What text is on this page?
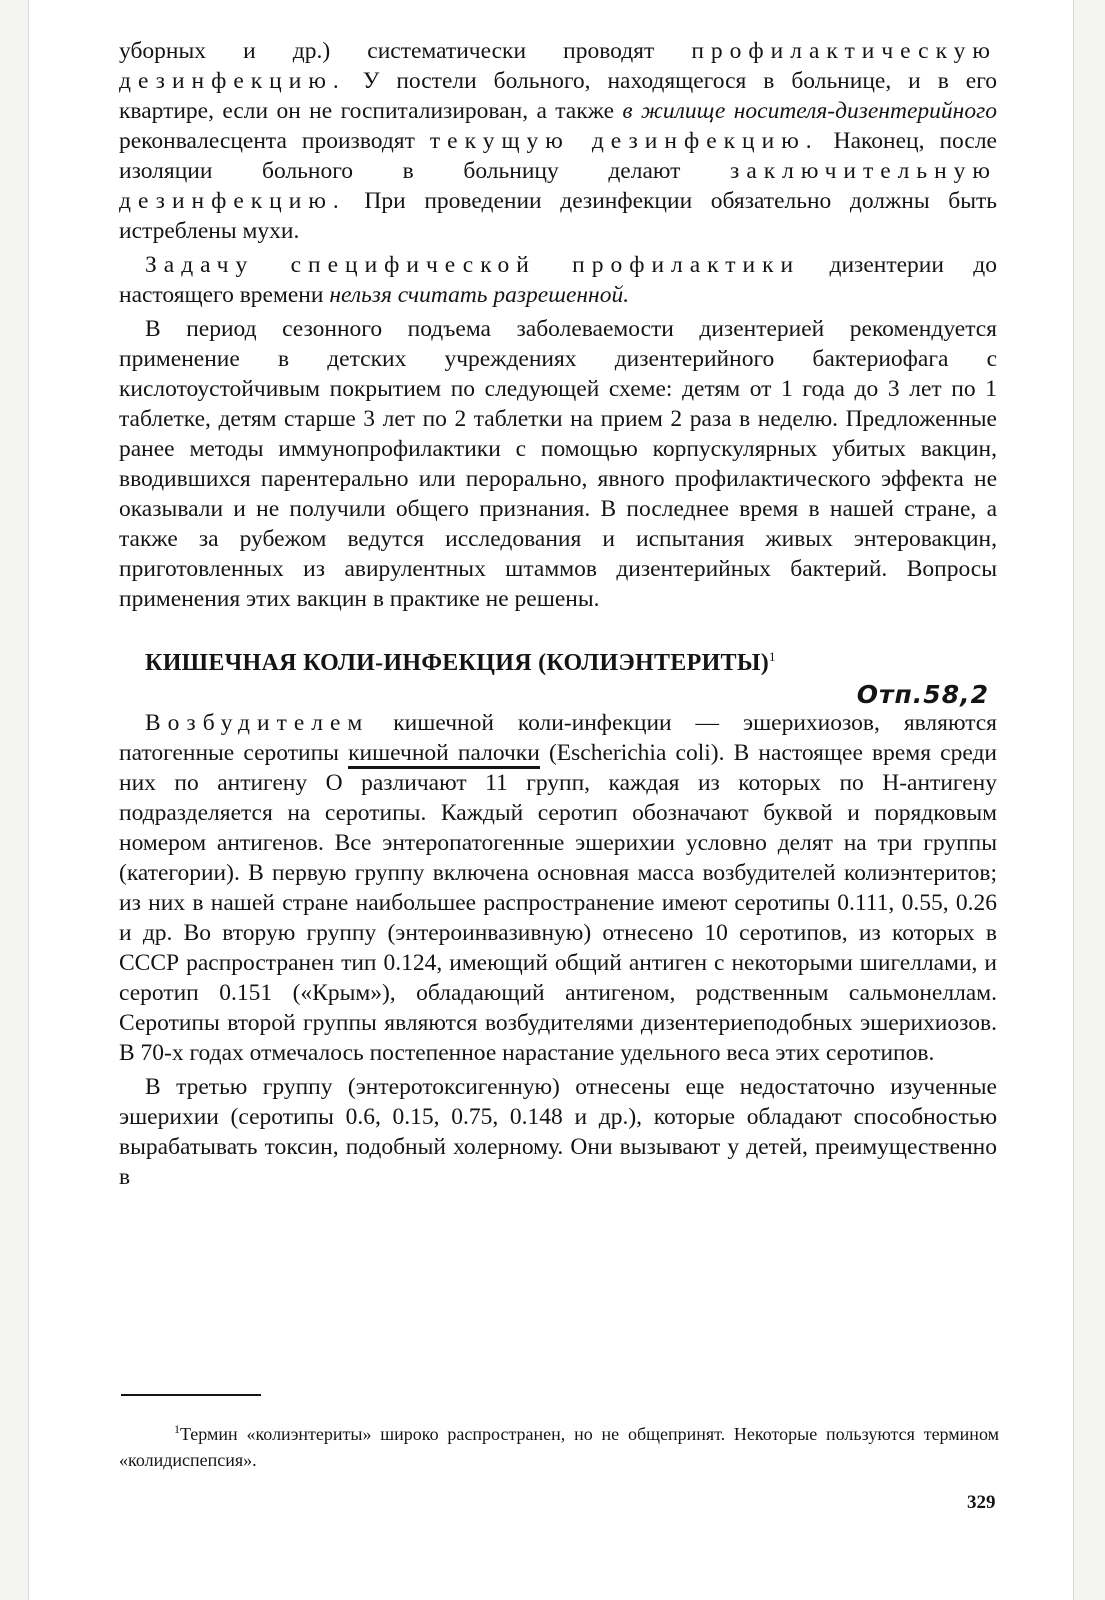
уборных и др.) систематически проводят профилактическую дезинфекцию. У постели больного, находящегося в больнице, и в его квартире, если он не госпитализирован, а также в жилище носителя-дизентерийного реконвалесцента производят текущую дезинфекцию. Наконец, после изоляции больного в больницу делают заключительную дезинфекцию. При проведении дезинфекции обязательно должны быть истреблены мухи.

Задачу специфической профилактики дизентерии до настоящего времени нельзя считать разрешенной.

В период сезонного подъема заболеваемости дизентерией рекомендуется применение в детских учреждениях дизентерийного бактериофага с кислотоустойчивым покрытием по следующей схеме: детям от 1 года до 3 лет по 1 таблетке, детям старше 3 лет по 2 таблетки на прием 2 раза в неделю. Предложенные ранее методы иммунопрофилактики с помощью корпускулярных убитых вакцин, вводившихся парентерально или перорально, явного профилактического эффекта не оказывали и не получили общего признания. В последнее время в нашей стране, а также за рубежом ведутся исследования и испытания живых энтеровакцин, приготовленных из авирулентных штаммов дизентерийных бактерий. Вопросы применения этих вакцин в практике не решены.

КИШЕЧНАЯ КОЛИ-ИНФЕКЦИЯ (КОЛИЭНТЕРИТЫ)$^1$

Отп.58,2

Возбудителем кишечной коли-инфекции — эшерихиозов, являются патогенные серотипы кишечной палочки (Escherichia coli). В настоящее время среди них по антигену О различают 11 групп, каждая из которых по Н-антигену подразделяется на серотипы. Каждый серотип обозначают буквой и порядковым номером антигенов. Все энтеропатогенные эшерихии условно делят на три группы (категории). В первую группу включена основная масса возбудителей колиэнтеритов; из них в нашей стране наибольшее распространение имеют серотипы 0.111, 0.55, 0.26 и др. Во вторую группу (энтероинвазивную) отнесено 10 серотипов, из которых в СССР распространен тип 0.124, имеющий общий антиген с некоторыми шигеллами, и серотип 0.151 («Крым»), обладающий антигеном, родственным сальмонеллам. Серотипы второй группы являются возбудителями дизентериеподобных эшерихиозов. В 70-х годах отмечалось постепенное нарастание удельного веса этих серотипов.

В третью группу (энтеротоксигенную) отнесены еще недостаточно изученные эшерихии (серотипы 0.6, 0.15, 0.75, 0.148 и др.), которые обладают способностью вырабатывать токсин, подобный холерному. Они вызывают у детей, преимущественно в

$^1$Термин «колиэнтериты» широко распространен, но не общепринят. Некоторые пользуются термином «колидиспепсия».

329
